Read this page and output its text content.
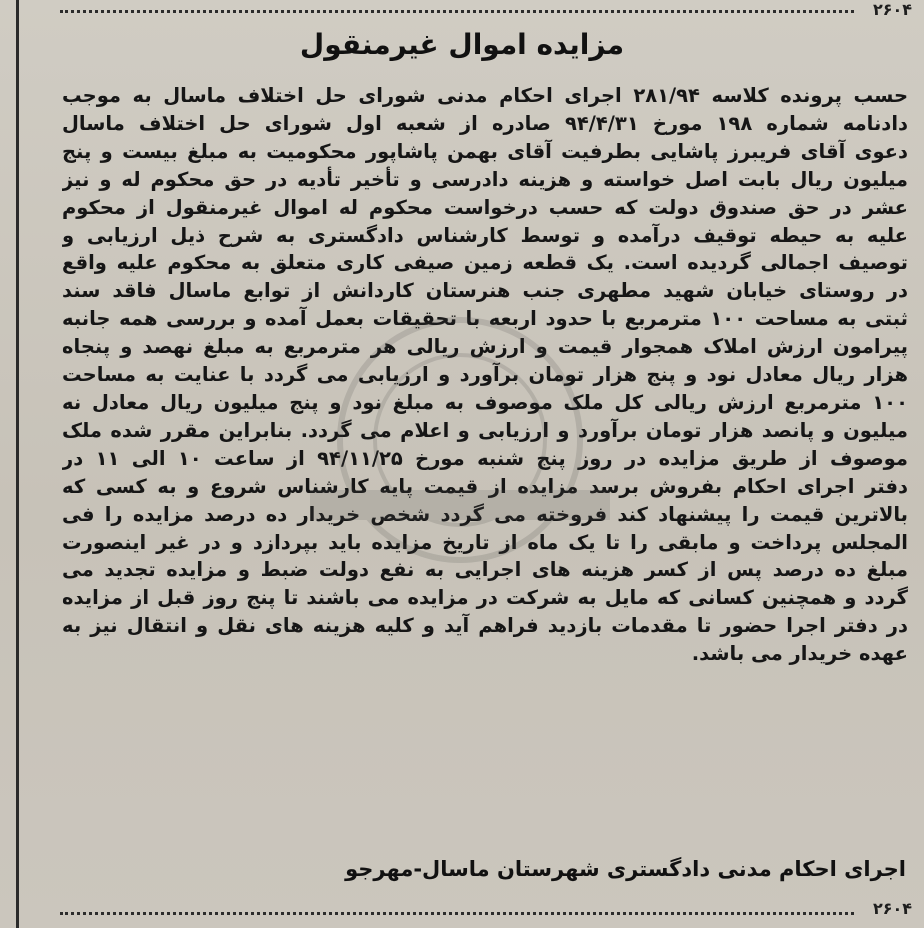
۲۶۰۴
مزایده اموال غیرمنقول
حسب پرونده کلاسه ۲۸۱/۹۴ اجرای احکام مدنی شورای حل اختلاف ماسال به موجب
دادنامه شماره ۱۹۸ مورخ ۹۴/۴/۳۱ صادره از شعبه اول شورای حل اختلاف ماسال
دعوی آقای فریبرز پاشایی بطرفیت آقای بهمن پاشاپور محکومیت به مبلغ بیست و پنج
میلیون ریال بابت اصل خواسته و هزینه دادرسی و تأخیر تأدیه در حق محکوم له و نیز
عشر در حق صندوق دولت که حسب درخواست محکوم له اموال غیرمنقول از محکوم
علیه به حیطه توقیف درآمده و توسط کارشناس دادگستری به شرح ذیل ارزیابی و
توصیف اجمالی گردیده است. یک قطعه زمین صیفی کاری متعلق به محکوم علیه واقع
در روستای خیابان شهید مطهری جنب هنرستان کاردانش از توابع ماسال فاقد سند
ثبتی به مساحت ۱۰۰ مترمربع با حدود اربعه با تحقیقات بعمل آمده و بررسی همه جانبه
پیرامون ارزش املاک همجوار قیمت و ارزش ریالی هر مترمربع به مبلغ نهصد و پنجاه
هزار ریال معادل نود و پنج هزار تومان برآورد و ارزیابی می گردد با عنایت به مساحت
۱۰۰ مترمربع ارزش ریالی کل ملک موصوف به مبلغ نود و پنج میلیون ریال معادل نه
میلیون و پانصد هزار تومان برآورد و ارزیابی و اعلام می گردد. بنابراین مقرر شده ملک
موصوف از طریق مزایده در روز پنج شنبه مورخ ۹۴/۱۱/۲۵ از ساعت ۱۰ الی ۱۱ در
دفتر اجرای احکام بفروش برسد مزایده از قیمت پایه کارشناس شروع و به کسی که
بالاترین قیمت را پیشنهاد کند فروخته می گردد شخص خریدار ده درصد مزایده را فی
المجلس پرداخت و مابقی را تا یک ماه از تاریخ مزایده باید بپردازد و در غیر اینصورت
مبلغ ده درصد پس از کسر هزینه های اجرایی به نفع دولت ضبط و مزایده تجدید می
گردد و همچنین کسانی که مایل به شرکت در مزایده می باشند تا پنج روز قبل از مزایده
در دفتر اجرا حضور تا مقدمات بازدید فراهم آید و کلیه هزینه های نقل و انتقال نیز به
عهده خریدار می باشد.
اجرای احکام مدنی دادگستری شهرستان ماسال-مهرجو
۲۶۰۴
